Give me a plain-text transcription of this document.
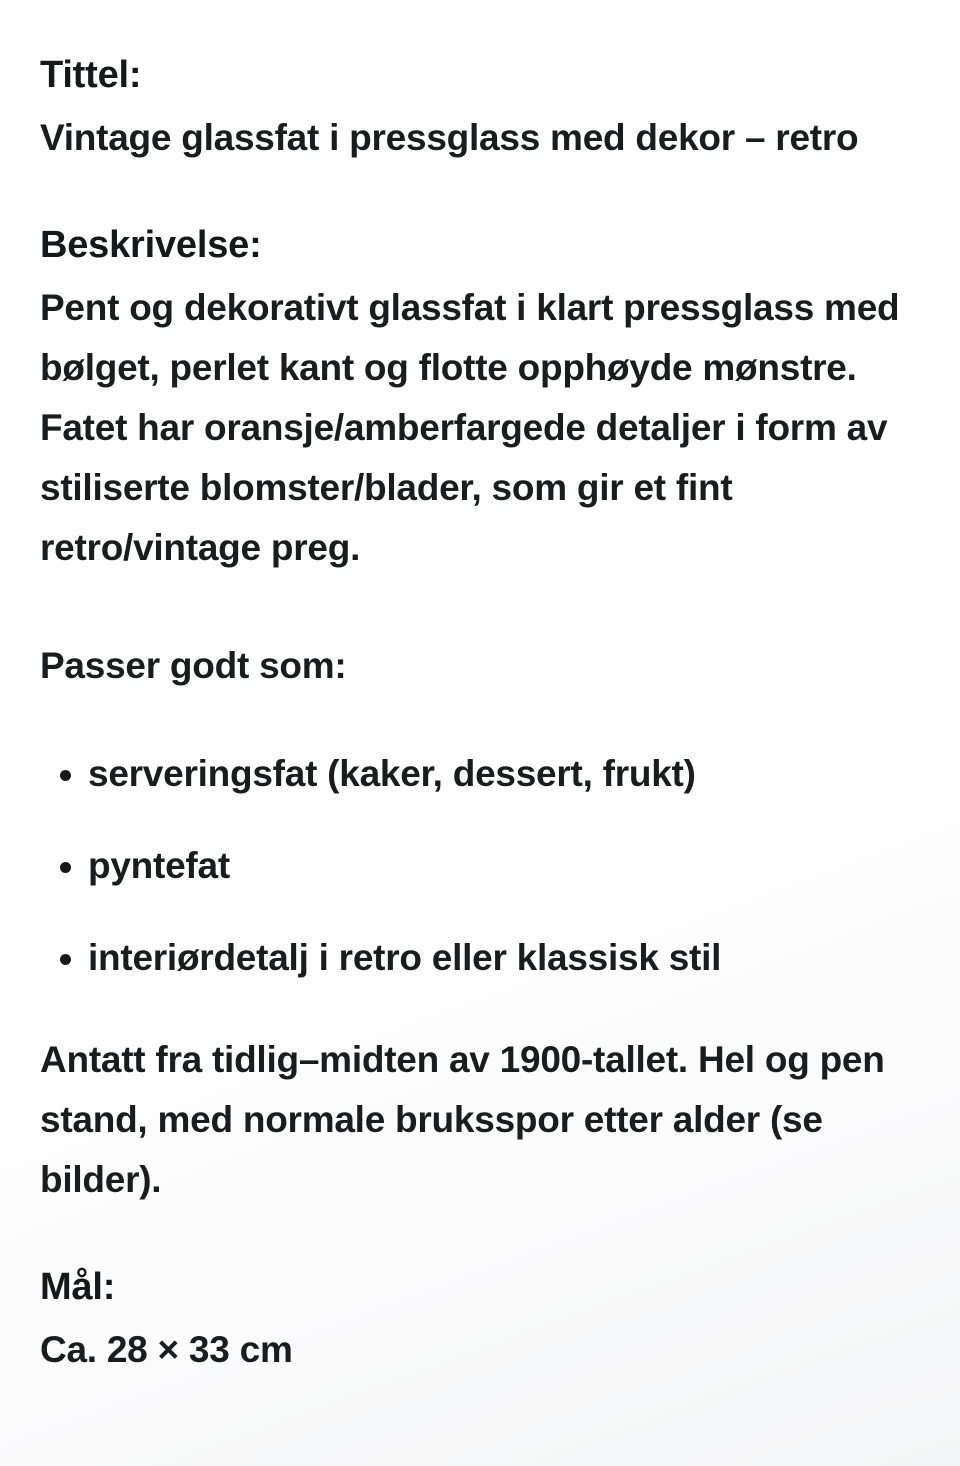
Tittel:

Vintage glassfat i pressglass med dekor – retro

Beskrivelse:

Pent og dekorativt glassfat i klart pressglass med bølget, perlet kant og flotte opphøyde mønstre. Fatet har oransje/amberfargede detaljer i form av stiliserte blomster/blader, som gir et fint retro/vintage preg.

Passer godt som:

serveringsfat (kaker, dessert, frukt)
pyntefat
interiørdetalj i retro eller klassisk stil

Antatt fra tidlig–midten av 1900-tallet. Hel og pen stand, med normale bruksspor etter alder (se bilder).

Mål:

Ca. 28 × 33 cm
